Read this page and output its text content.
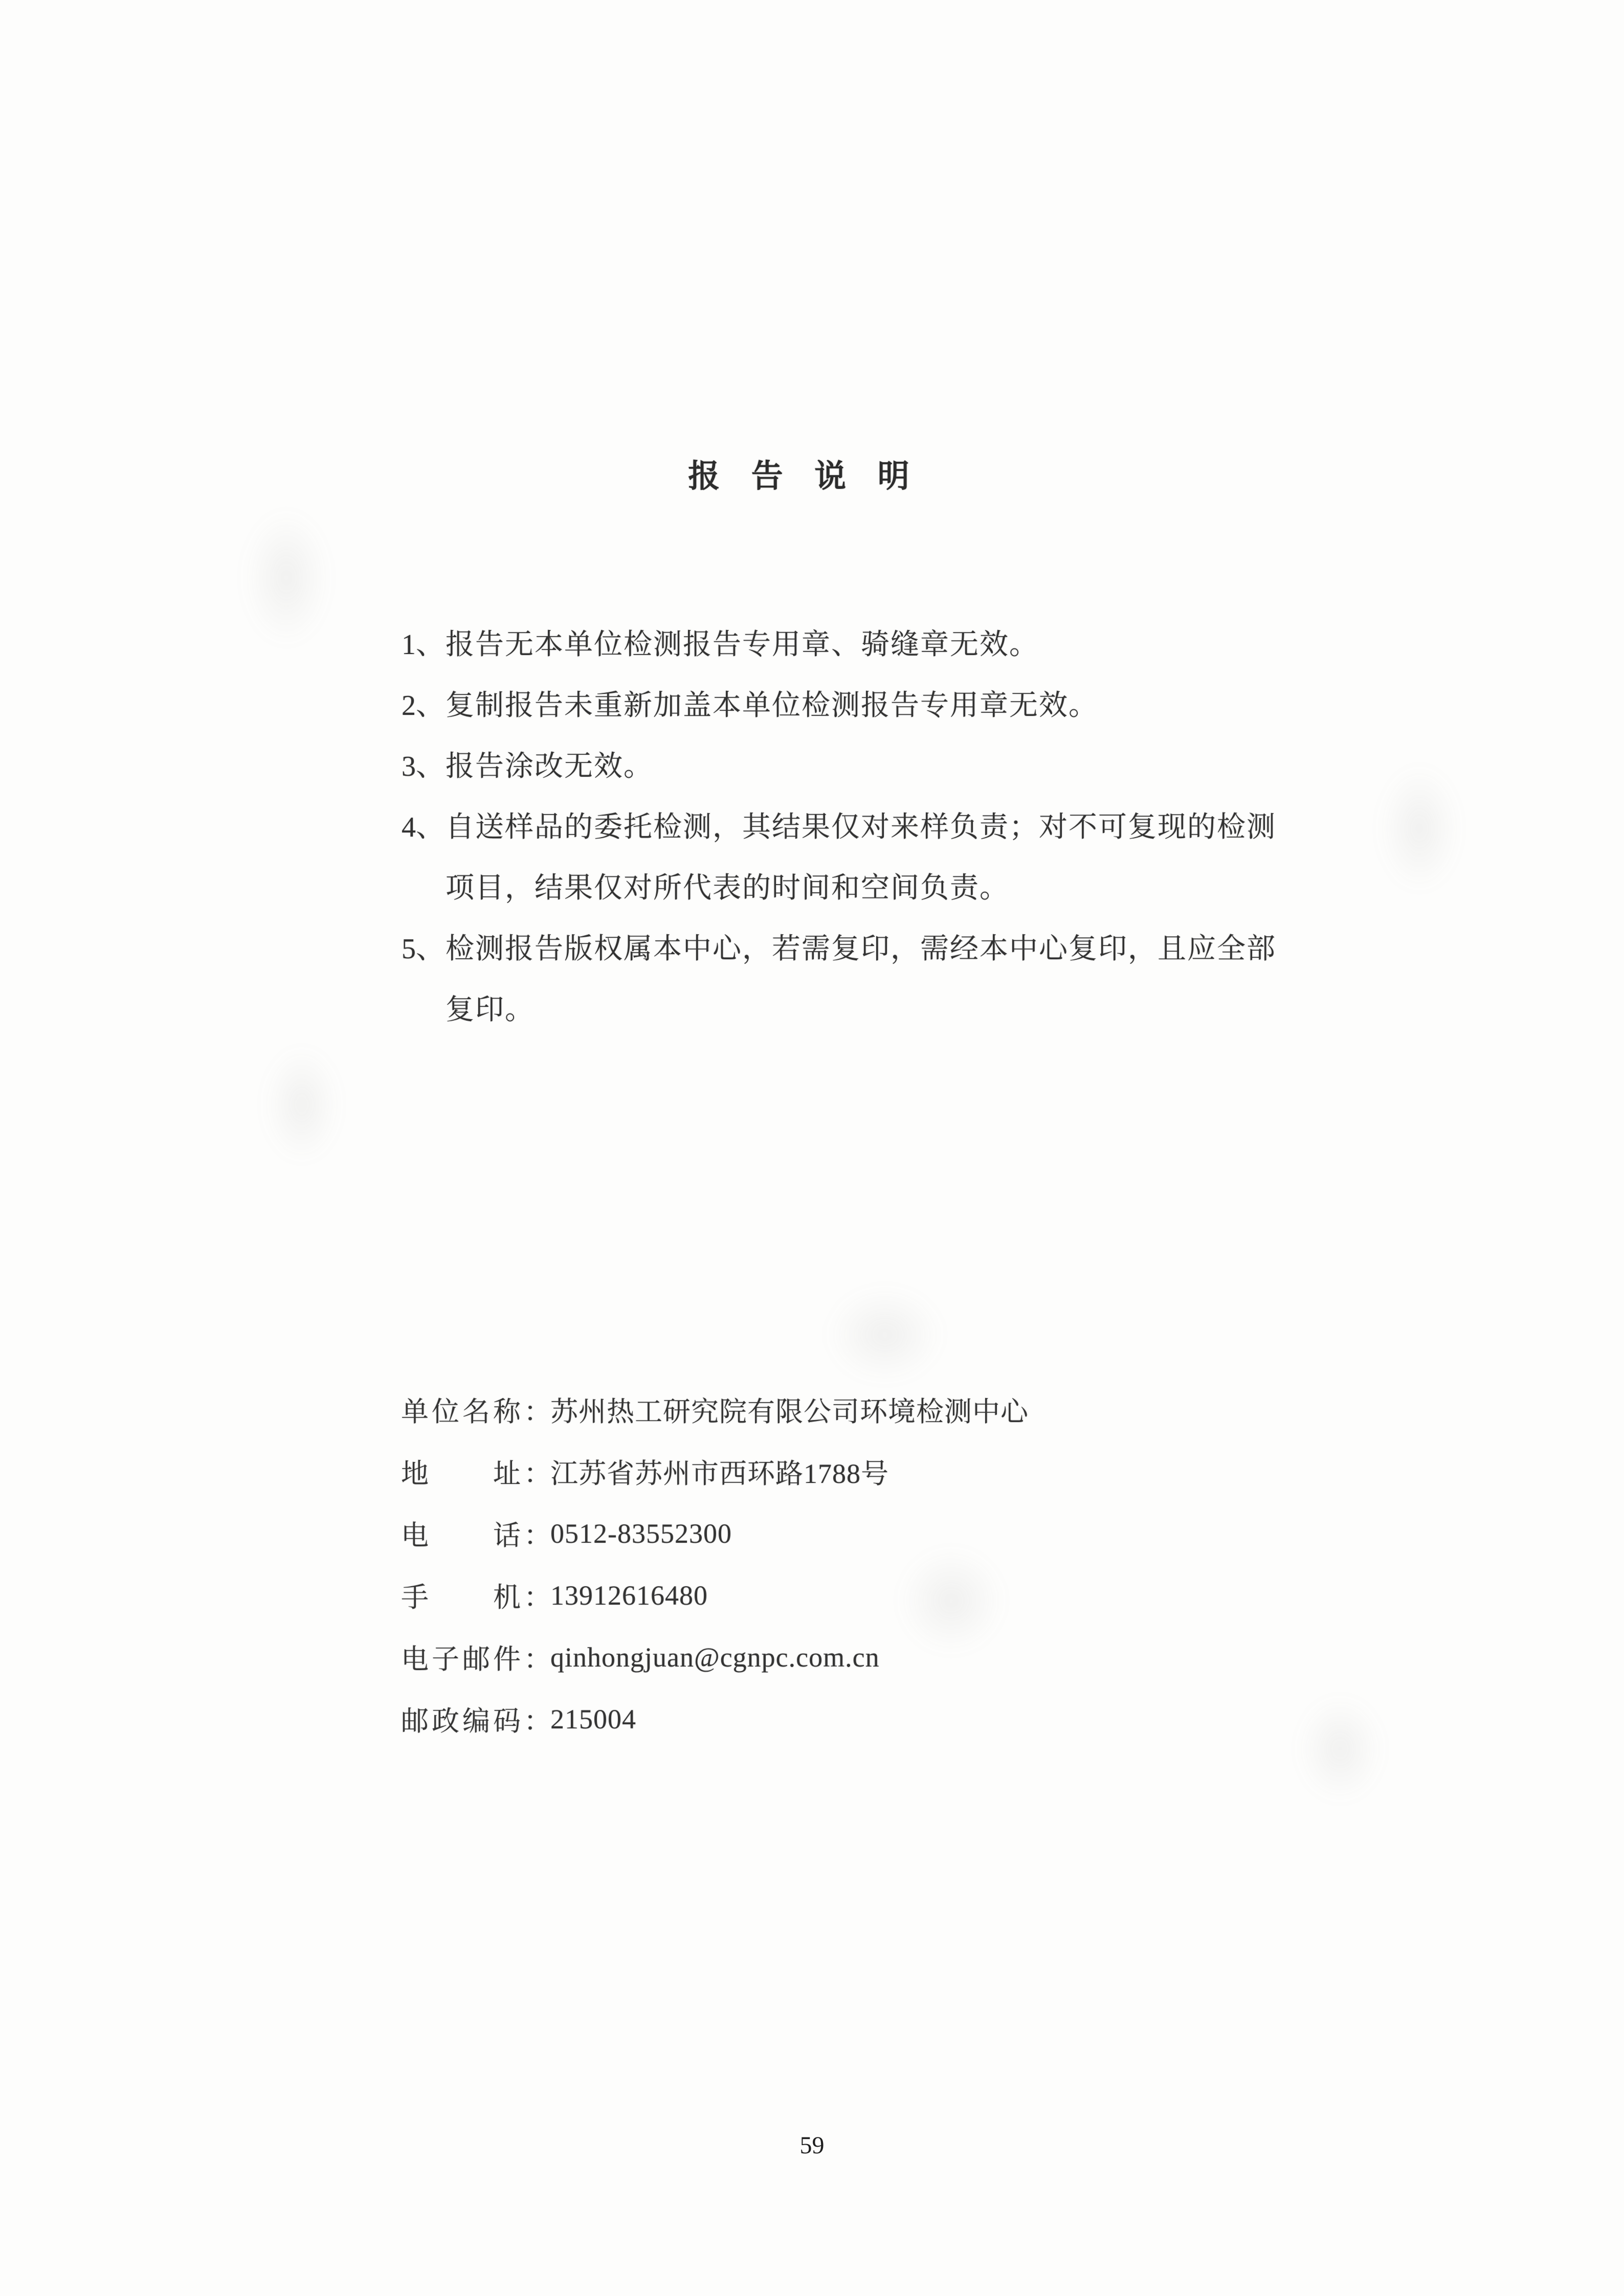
报 告 说 明
1、 报告无本单位检测报告专用章、骑缝章无效。
2、 复制报告未重新加盖本单位检测报告专用章无效。
3、 报告涂改无效。
4、 自送样品的委托检测，其结果仅对来样负责；对不可复现的检测
项目，结果仅对所代表的时间和空间负责。
5、 检测报告版权属本中心，若需复印，需经本中心复印，且应全部
复印。
单位名称：
苏州热工研究院有限公司环境检测中心
地　　址：
江苏省苏州市西环路1788号
电　　话：
0512-83552300
手　　机：
13912616480
电子邮件：
qinhongjuan@cgnpc.com.cn
邮政编码：
215004
59
